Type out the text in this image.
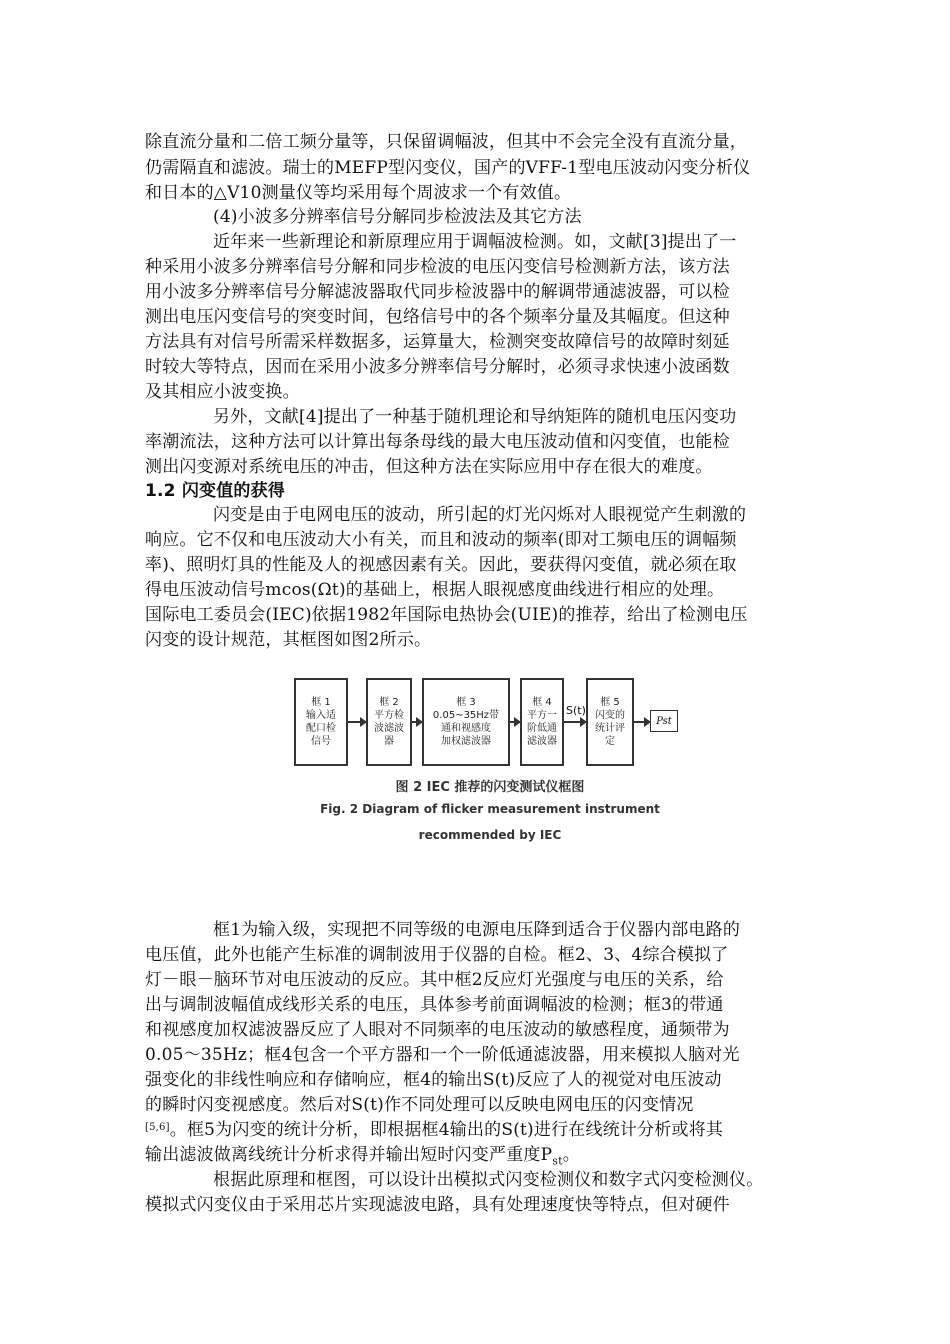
除直流分量和二倍工频分量等，只保留调幅波，但其中不会完全没有直流分量，
仍需隔直和滤波。瑞士的MEFP型闪变仪，国产的VFF-1型电压波动闪变分析仪
和日本的△V10测量仪等均采用每个周波求一个有效值。
(4)小波多分辨率信号分解同步检波法及其它方法
近年来一些新理论和新原理应用于调幅波检测。如，文献[3]提出了一
种采用小波多分辨率信号分解和同步检波的电压闪变信号检测新方法，该方法
用小波多分辨率信号分解滤波器取代同步检波器中的解调带通滤波器，可以检
测出电压闪变信号的突变时间，包络信号中的各个频率分量及其幅度。但这种
方法具有对信号所需采样数据多，运算量大，检测突变故障信号的故障时刻延
时较大等特点，因而在采用小波多分辨率信号分解时，必须寻求快速小波函数
及其相应小波变换。
另外，文献[4]提出了一种基于随机理论和导纳矩阵的随机电压闪变功
率潮流法，这种方法可以计算出每条母线的最大电压波动值和闪变值，也能检
测出闪变源对系统电压的冲击，但这种方法在实际应用中存在很大的难度。
1.2 闪变值的获得
闪变是由于电网电压的波动，所引起的灯光闪烁对人眼视觉产生刺激的
响应。它不仅和电压波动大小有关，而且和波动的频率(即对工频电压的调幅频
率)、照明灯具的性能及人的视感因素有关。因此，要获得闪变值，就必须在取
得电压波动信号mcos(Ωt)的基础上，根据人眼视感度曲线进行相应的处理。
国际电工委员会(IEC)依据1982年国际电热协会(UIE)的推荐，给出了检测电压
闪变的设计规范，其框图如图2所示。
框 1
输入适
配口检
信号
框 2
平方检
波滤波
器
框 3
0.05~35Hz带
通和视感度
加权滤波器
框 4
平方一
阶低通
滤波器
S(t)
框 5
闪变的
统计评
定
Pst
图 2 IEC 推荐的闪变测试仪框图
Fig. 2 Diagram of flicker measurement instrument
recommended by IEC
框1为输入级，实现把不同等级的电源电压降到适合于仪器内部电路的
电压值，此外也能产生标准的调制波用于仪器的自检。框2、3、4综合模拟了
灯－眼－脑环节对电压波动的反应。其中框2反应灯光强度与电压的关系，给
出与调制波幅值成线形关系的电压，具体参考前面调幅波的检测；框3的带通
和视感度加权滤波器反应了人眼对不同频率的电压波动的敏感程度，通频带为
0.05～35Hz；框4包含一个平方器和一个一阶低通滤波器，用来模拟人脑对光
强变化的非线性响应和存储响应，框4的输出S(t)反应了人的视觉对电压波动
的瞬时闪变视感度。然后对S(t)作不同处理可以反映电网电压的闪变情况
[5,6]。框5为闪变的统计分析，即根据框4输出的S(t)进行在线统计分析或将其
输出滤波做离线统计分析求得并输出短时闪变严重度$P_{st}$。
根据此原理和框图，可以设计出模拟式闪变检测仪和数字式闪变检测仪。
模拟式闪变仪由于采用芯片实现滤波电路，具有处理速度快等特点，但对硬件
